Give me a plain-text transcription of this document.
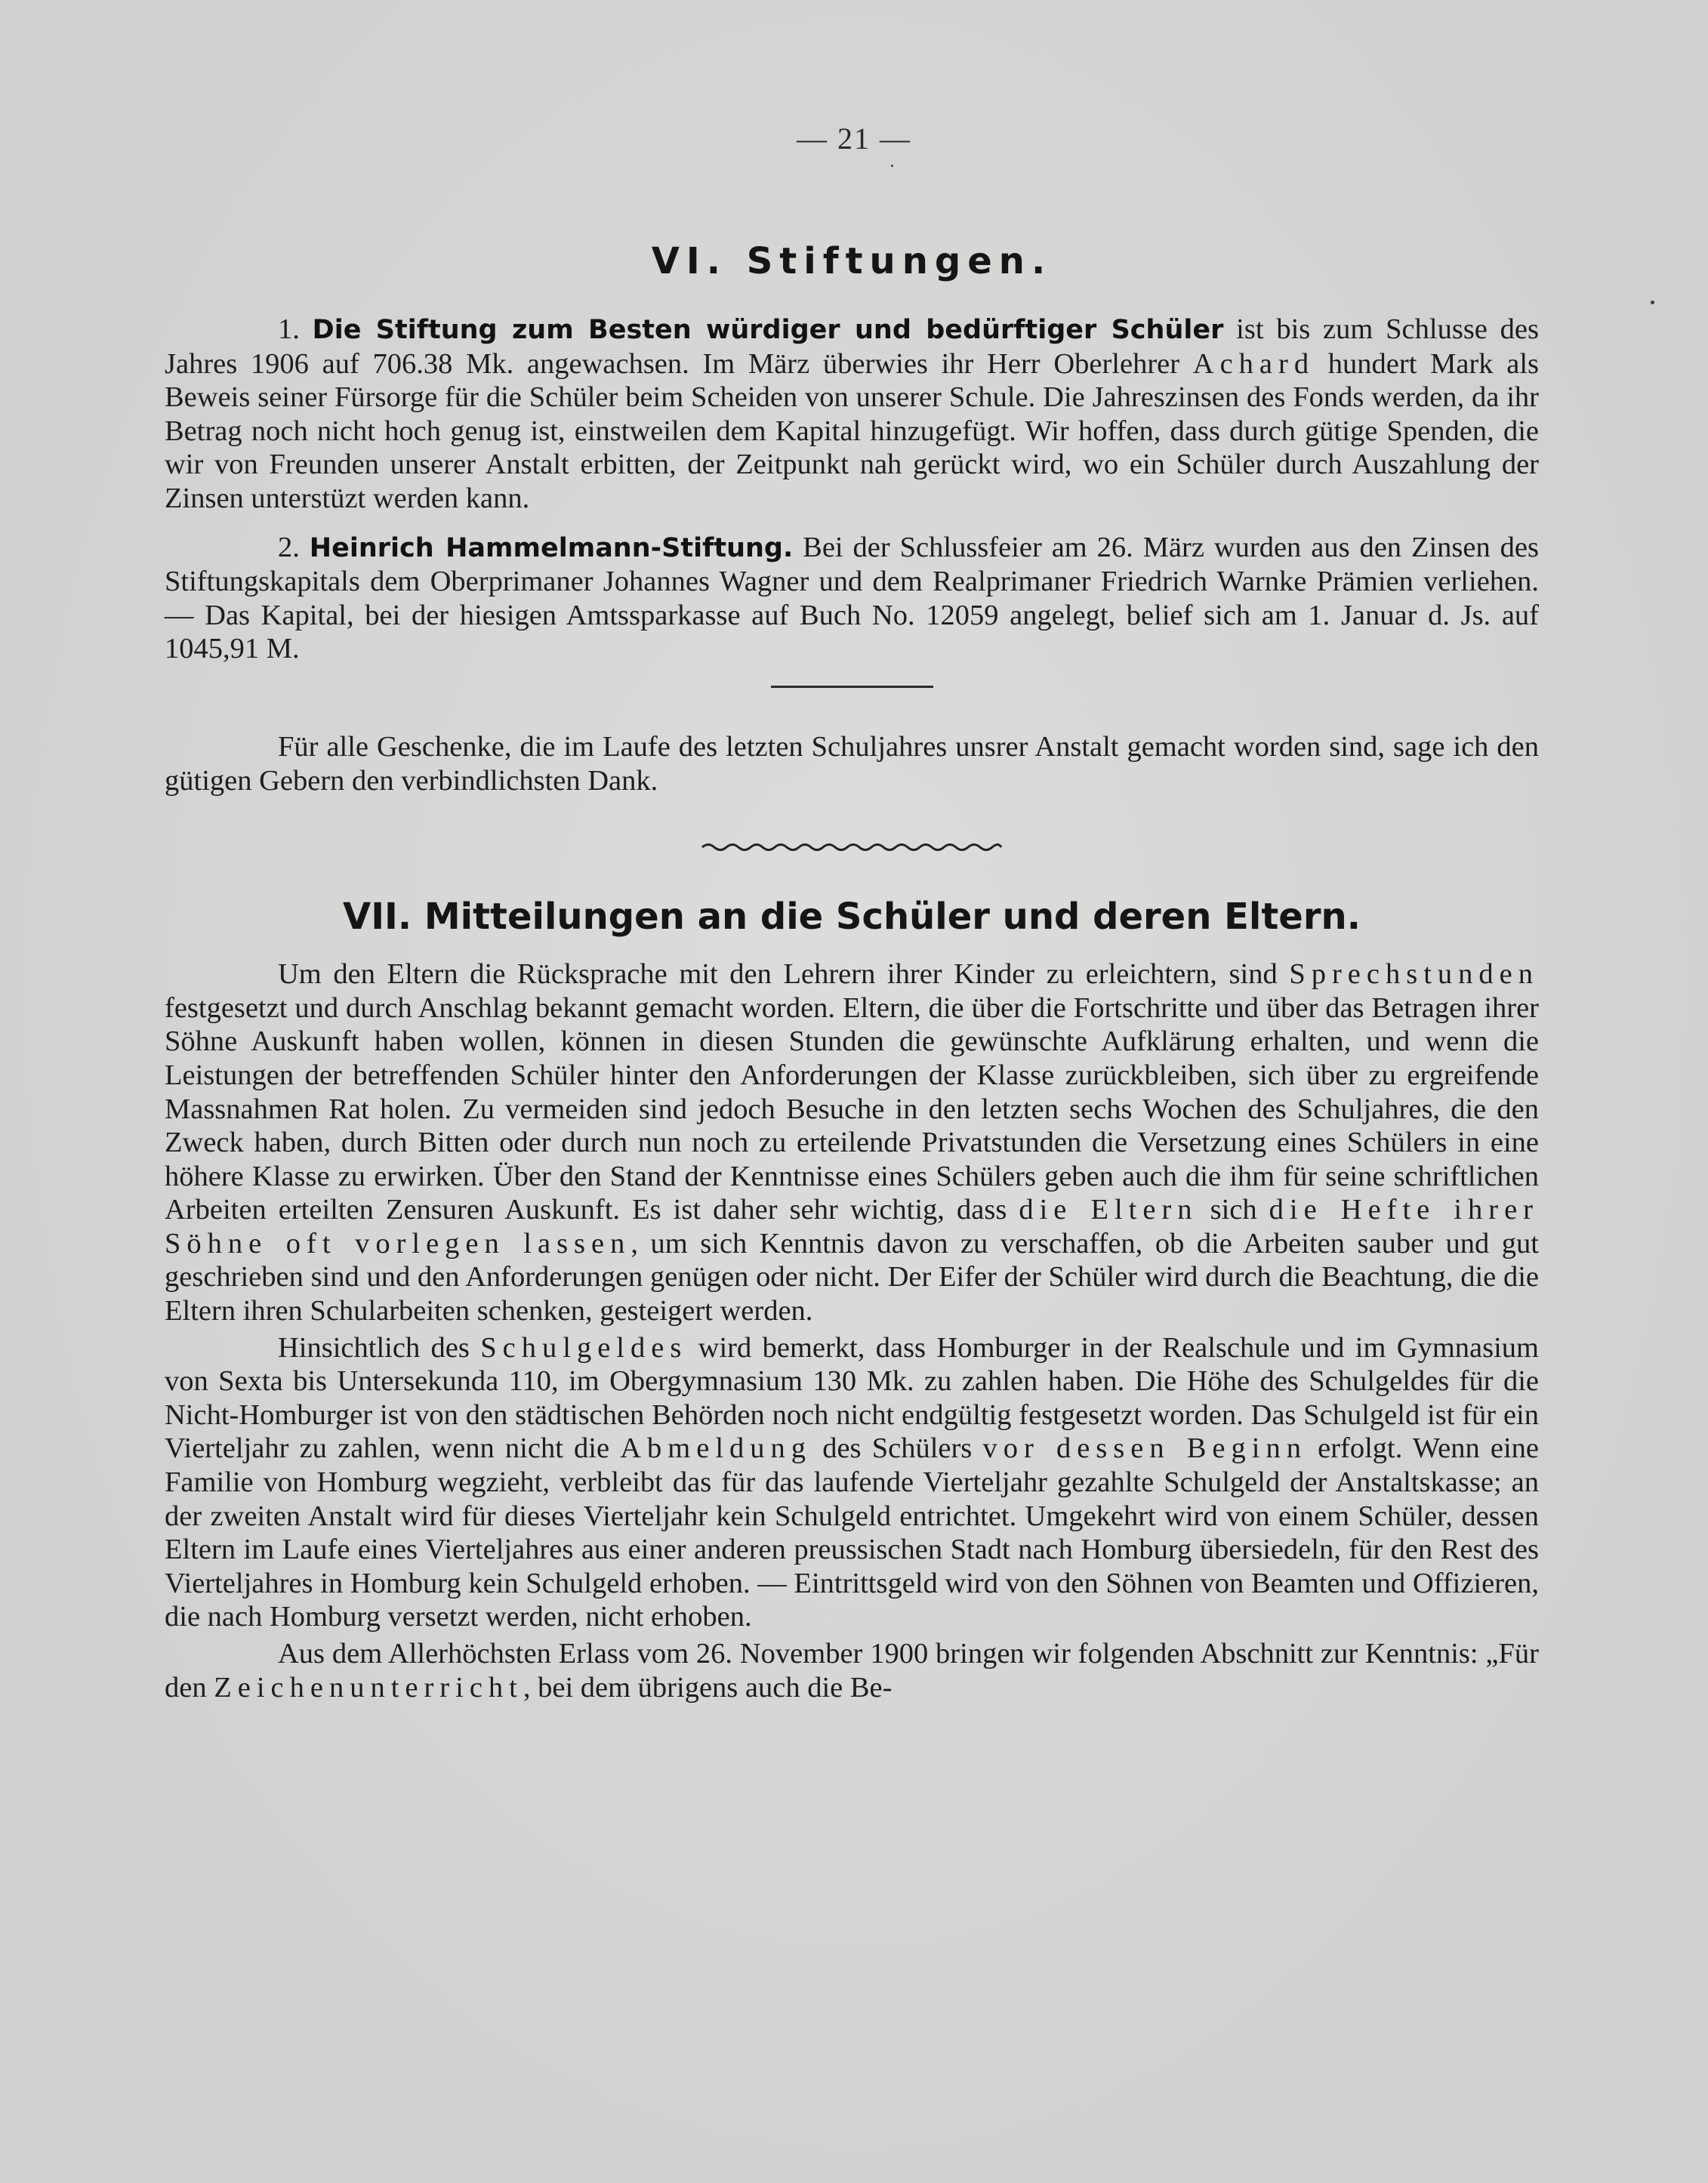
— 21 —
VI. Stiftungen.

1. Die Stiftung zum Besten würdiger und bedürftiger Schüler ist bis zum Schlusse des Jahres 1906 auf 706.38 Mk. angewachsen. Im März überwies ihr Herr Oberlehrer Achard hundert Mark als Beweis seiner Fürsorge für die Schüler beim Scheiden von unserer Schule. Die Jahreszinsen des Fonds werden, da ihr Betrag noch nicht hoch genug ist, einstweilen dem Kapital hinzugefügt. Wir hoffen, dass durch gütige Spenden, die wir von Freunden unserer Anstalt erbitten, der Zeitpunkt nah gerückt wird, wo ein Schüler durch Auszahlung der Zinsen unterstüzt werden kann.

2. Heinrich Hammelmann-Stiftung. Bei der Schlussfeier am 26. März wurden aus den Zinsen des Stiftungskapitals dem Oberprimaner Johannes Wagner und dem Realprimaner Friedrich Warnke Prämien verliehen. — Das Kapital, bei der hiesigen Amtssparkasse auf Buch No. 12059 angelegt, belief sich am 1. Januar d. Js. auf 1045,91 M.

Für alle Geschenke, die im Laufe des letzten Schuljahres unsrer Anstalt gemacht worden sind, sage ich den gütigen Gebern den verbindlichsten Dank.

VII. Mitteilungen an die Schüler und deren Eltern.

Um den Eltern die Rücksprache mit den Lehrern ihrer Kinder zu erleichtern, sind Sprechstunden festgesetzt und durch Anschlag bekannt gemacht worden. Eltern, die über die Fortschritte und über das Betragen ihrer Söhne Auskunft haben wollen, können in diesen Stunden die gewünschte Aufklärung erhalten, und wenn die Leistungen der betreffenden Schüler hinter den Anforderungen der Klasse zurückbleiben, sich über zu ergreifende Massnahmen Rat holen. Zu vermeiden sind jedoch Besuche in den letzten sechs Wochen des Schuljahres, die den Zweck haben, durch Bitten oder durch nun noch zu erteilende Privatstunden die Versetzung eines Schülers in eine höhere Klasse zu erwirken. Über den Stand der Kenntnisse eines Schülers geben auch die ihm für seine schriftlichen Arbeiten erteilten Zensuren Auskunft. Es ist daher sehr wichtig, dass die Eltern sich die Hefte ihrer Söhne oft vorlegen lassen, um sich Kenntnis davon zu verschaffen, ob die Arbeiten sauber und gut geschrieben sind und den Anforderungen genügen oder nicht. Der Eifer der Schüler wird durch die Beachtung, die die Eltern ihren Schularbeiten schenken, gesteigert werden.

Hinsichtlich des Schulgeldes wird bemerkt, dass Homburger in der Realschule und im Gymnasium von Sexta bis Untersekunda 110, im Obergymnasium 130 Mk. zu zahlen haben. Die Höhe des Schulgeldes für die Nicht-Homburger ist von den städtischen Behörden noch nicht endgültig festgesetzt worden. Das Schulgeld ist für ein Vierteljahr zu zahlen, wenn nicht die Abmeldung des Schülers vor dessen Beginn erfolgt. Wenn eine Familie von Homburg wegzieht, verbleibt das für das laufende Vierteljahr gezahlte Schulgeld der Anstaltskasse; an der zweiten Anstalt wird für dieses Vierteljahr kein Schulgeld entrichtet. Umgekehrt wird von einem Schüler, dessen Eltern im Laufe eines Vierteljahres aus einer anderen preussischen Stadt nach Homburg übersiedeln, für den Rest des Vierteljahres in Homburg kein Schulgeld erhoben. — Eintrittsgeld wird von den Söhnen von Beamten und Offizieren, die nach Homburg versetzt werden, nicht erhoben.

Aus dem Allerhöchsten Erlass vom 26. November 1900 bringen wir folgenden Abschnitt zur Kenntnis: „Für den Zeichenunterricht, bei dem übrigens auch die Be-
